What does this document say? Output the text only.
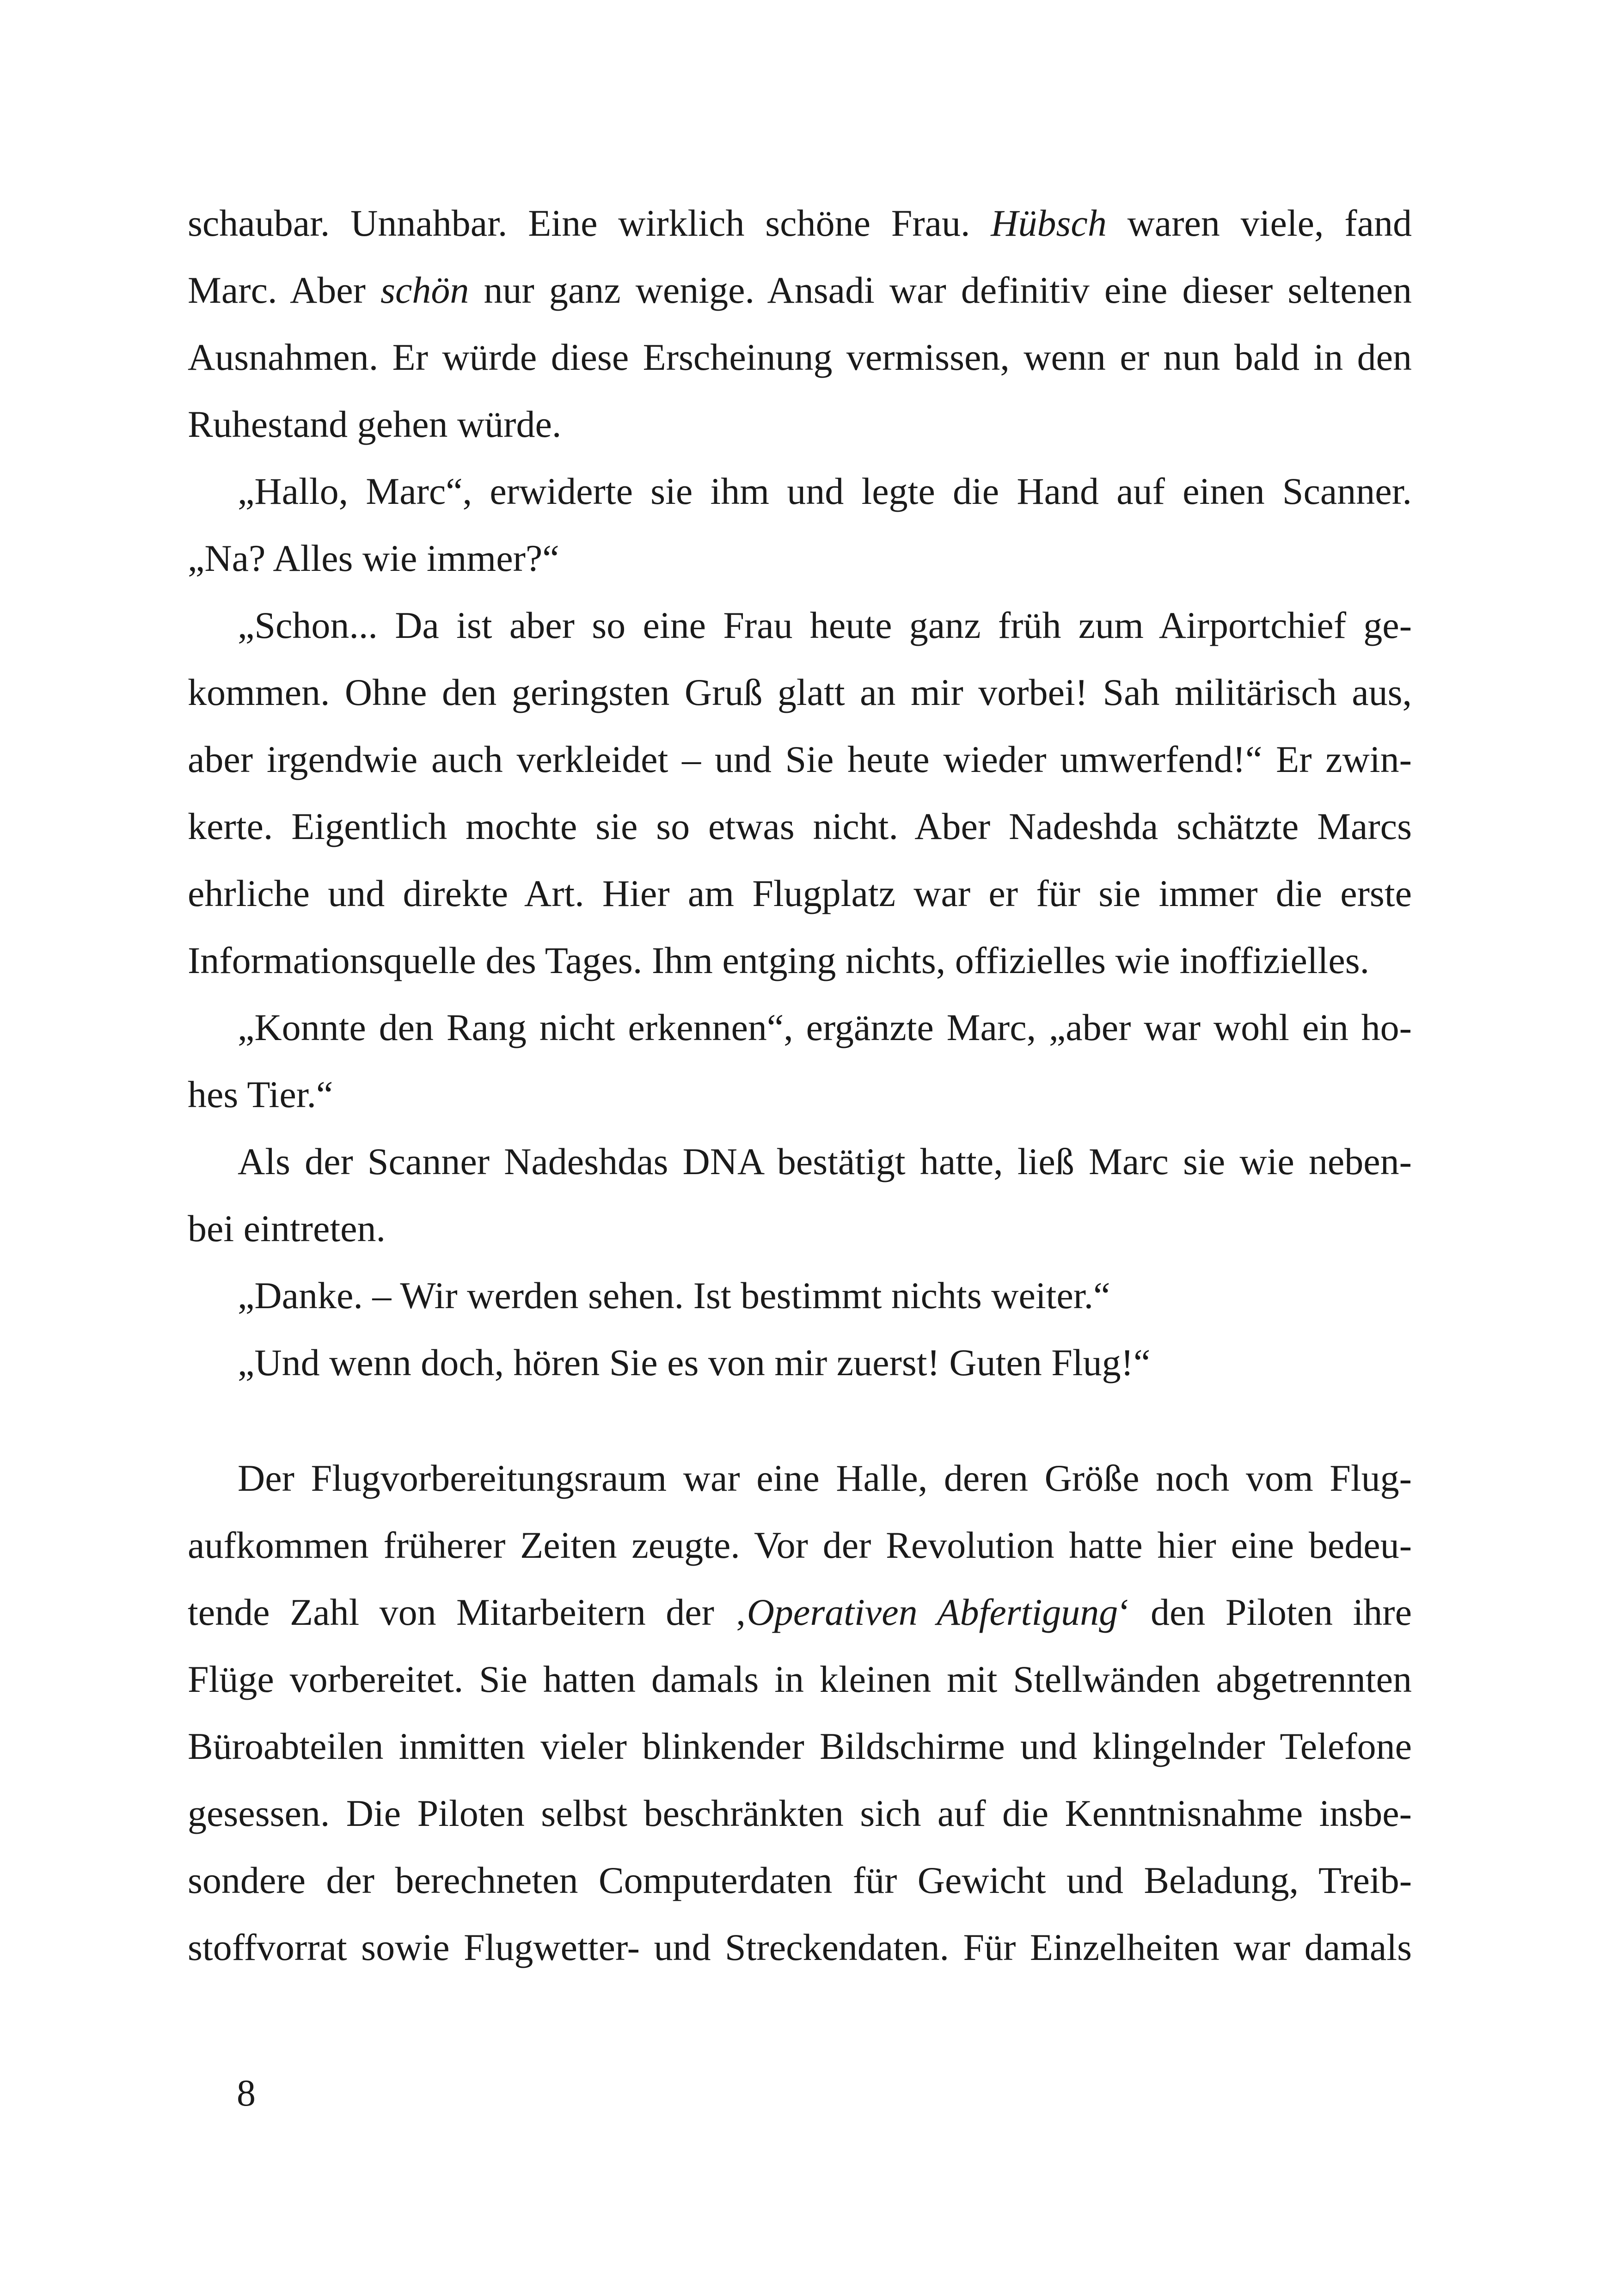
schaubar. Unnahbar. Eine wirklich schöne Frau. Hübsch waren viele, fand
Marc. Aber schön nur ganz wenige. Ansadi war definitiv eine dieser seltenen
Ausnahmen. Er würde diese Erscheinung vermissen, wenn er nun bald in den
Ruhestand gehen würde.
„Hallo, Marc“, erwiderte sie ihm und legte die Hand auf einen Scanner.
„Na? Alles wie immer?“
„Schon... Da ist aber so eine Frau heute ganz früh zum Airportchief ge-
kommen. Ohne den geringsten Gruß glatt an mir vorbei! Sah militärisch aus,
aber irgendwie auch verkleidet – und Sie heute wieder umwerfend!“ Er zwin-
kerte. Eigentlich mochte sie so etwas nicht. Aber Nadeshda schätzte Marcs
ehrliche und direkte Art. Hier am Flugplatz war er für sie immer die erste
Informationsquelle des Tages. Ihm entging nichts, offizielles wie inoffizielles.
„Konnte den Rang nicht erkennen“, ergänzte Marc, „aber war wohl ein ho-
hes Tier.“
Als der Scanner Nadeshdas DNA bestätigt hatte, ließ Marc sie wie neben-
bei eintreten.
„Danke. – Wir werden sehen. Ist bestimmt nichts weiter.“
„Und wenn doch, hören Sie es von mir zuerst! Guten Flug!“
Der Flugvorbereitungsraum war eine Halle, deren Größe noch vom Flug-
aufkommen früherer Zeiten zeugte. Vor der Revolution hatte hier eine bedeu-
tende Zahl von Mitarbeitern der ‚Operativen Abfertigung‘ den Piloten ihre
Flüge vorbereitet. Sie hatten damals in kleinen mit Stellwänden abgetrennten
Büroabteilen inmitten vieler blinkender Bildschirme und klingelnder Telefone
gesessen. Die Piloten selbst beschränkten sich auf die Kenntnisnahme insbe-
sondere der berechneten Computerdaten für Gewicht und Beladung, Treib-
stoffvorrat sowie Flugwetter- und Streckendaten. Für Einzelheiten war damals
8
